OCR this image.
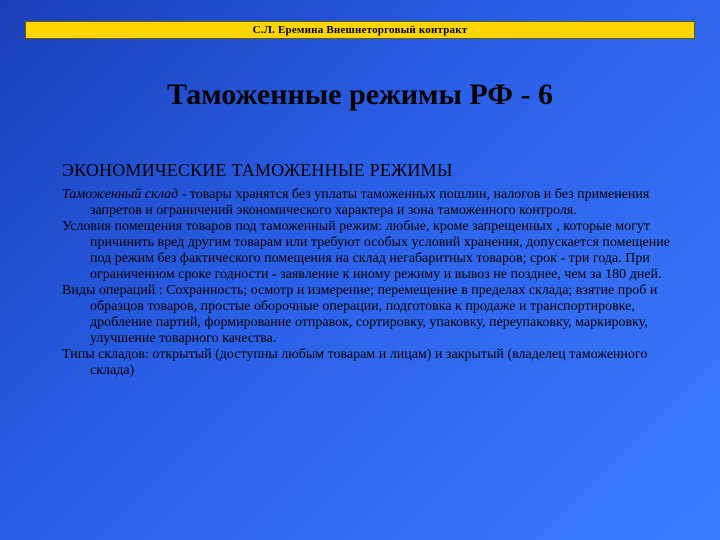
С.Л. Еремина Внешнеторговый контракт
Таможенные режимы РФ - 6
ЭКОНОМИЧЕСКИЕ ТАМОЖЕННЫЕ РЕЖИМЫ

Таможенный склад - товары хранятся без уплаты таможенных пошлин, налогов и без применения запретов и ограничений экономического характера и зона таможенного контроля.

Условия помещения товаров под таможенный режим: любые, кроме запрещенных , которые могут причинить вред другим товарам или требуют особых условий хранения, допускается помещение под режим без фактического помещения на склад негабаритных товаров; срок - три года. При ограниченном сроке годности - заявление к иному режиму и вывоз не позднее, чем за 180 дней.

Виды операций : Сохранность; осмотр и измерение; перемещение в пределах склада; взятие проб и образцов товаров, простые оборочные операции, подготовка к продаже и транспортировке, дробление партий, формирование отправок, сортировку, упаковку, переупаковку, маркировку, улучшение товарного качества.

Типы складов: открытый (доступны любым товарам и лицам) и закрытый (владелец таможенного склада)
